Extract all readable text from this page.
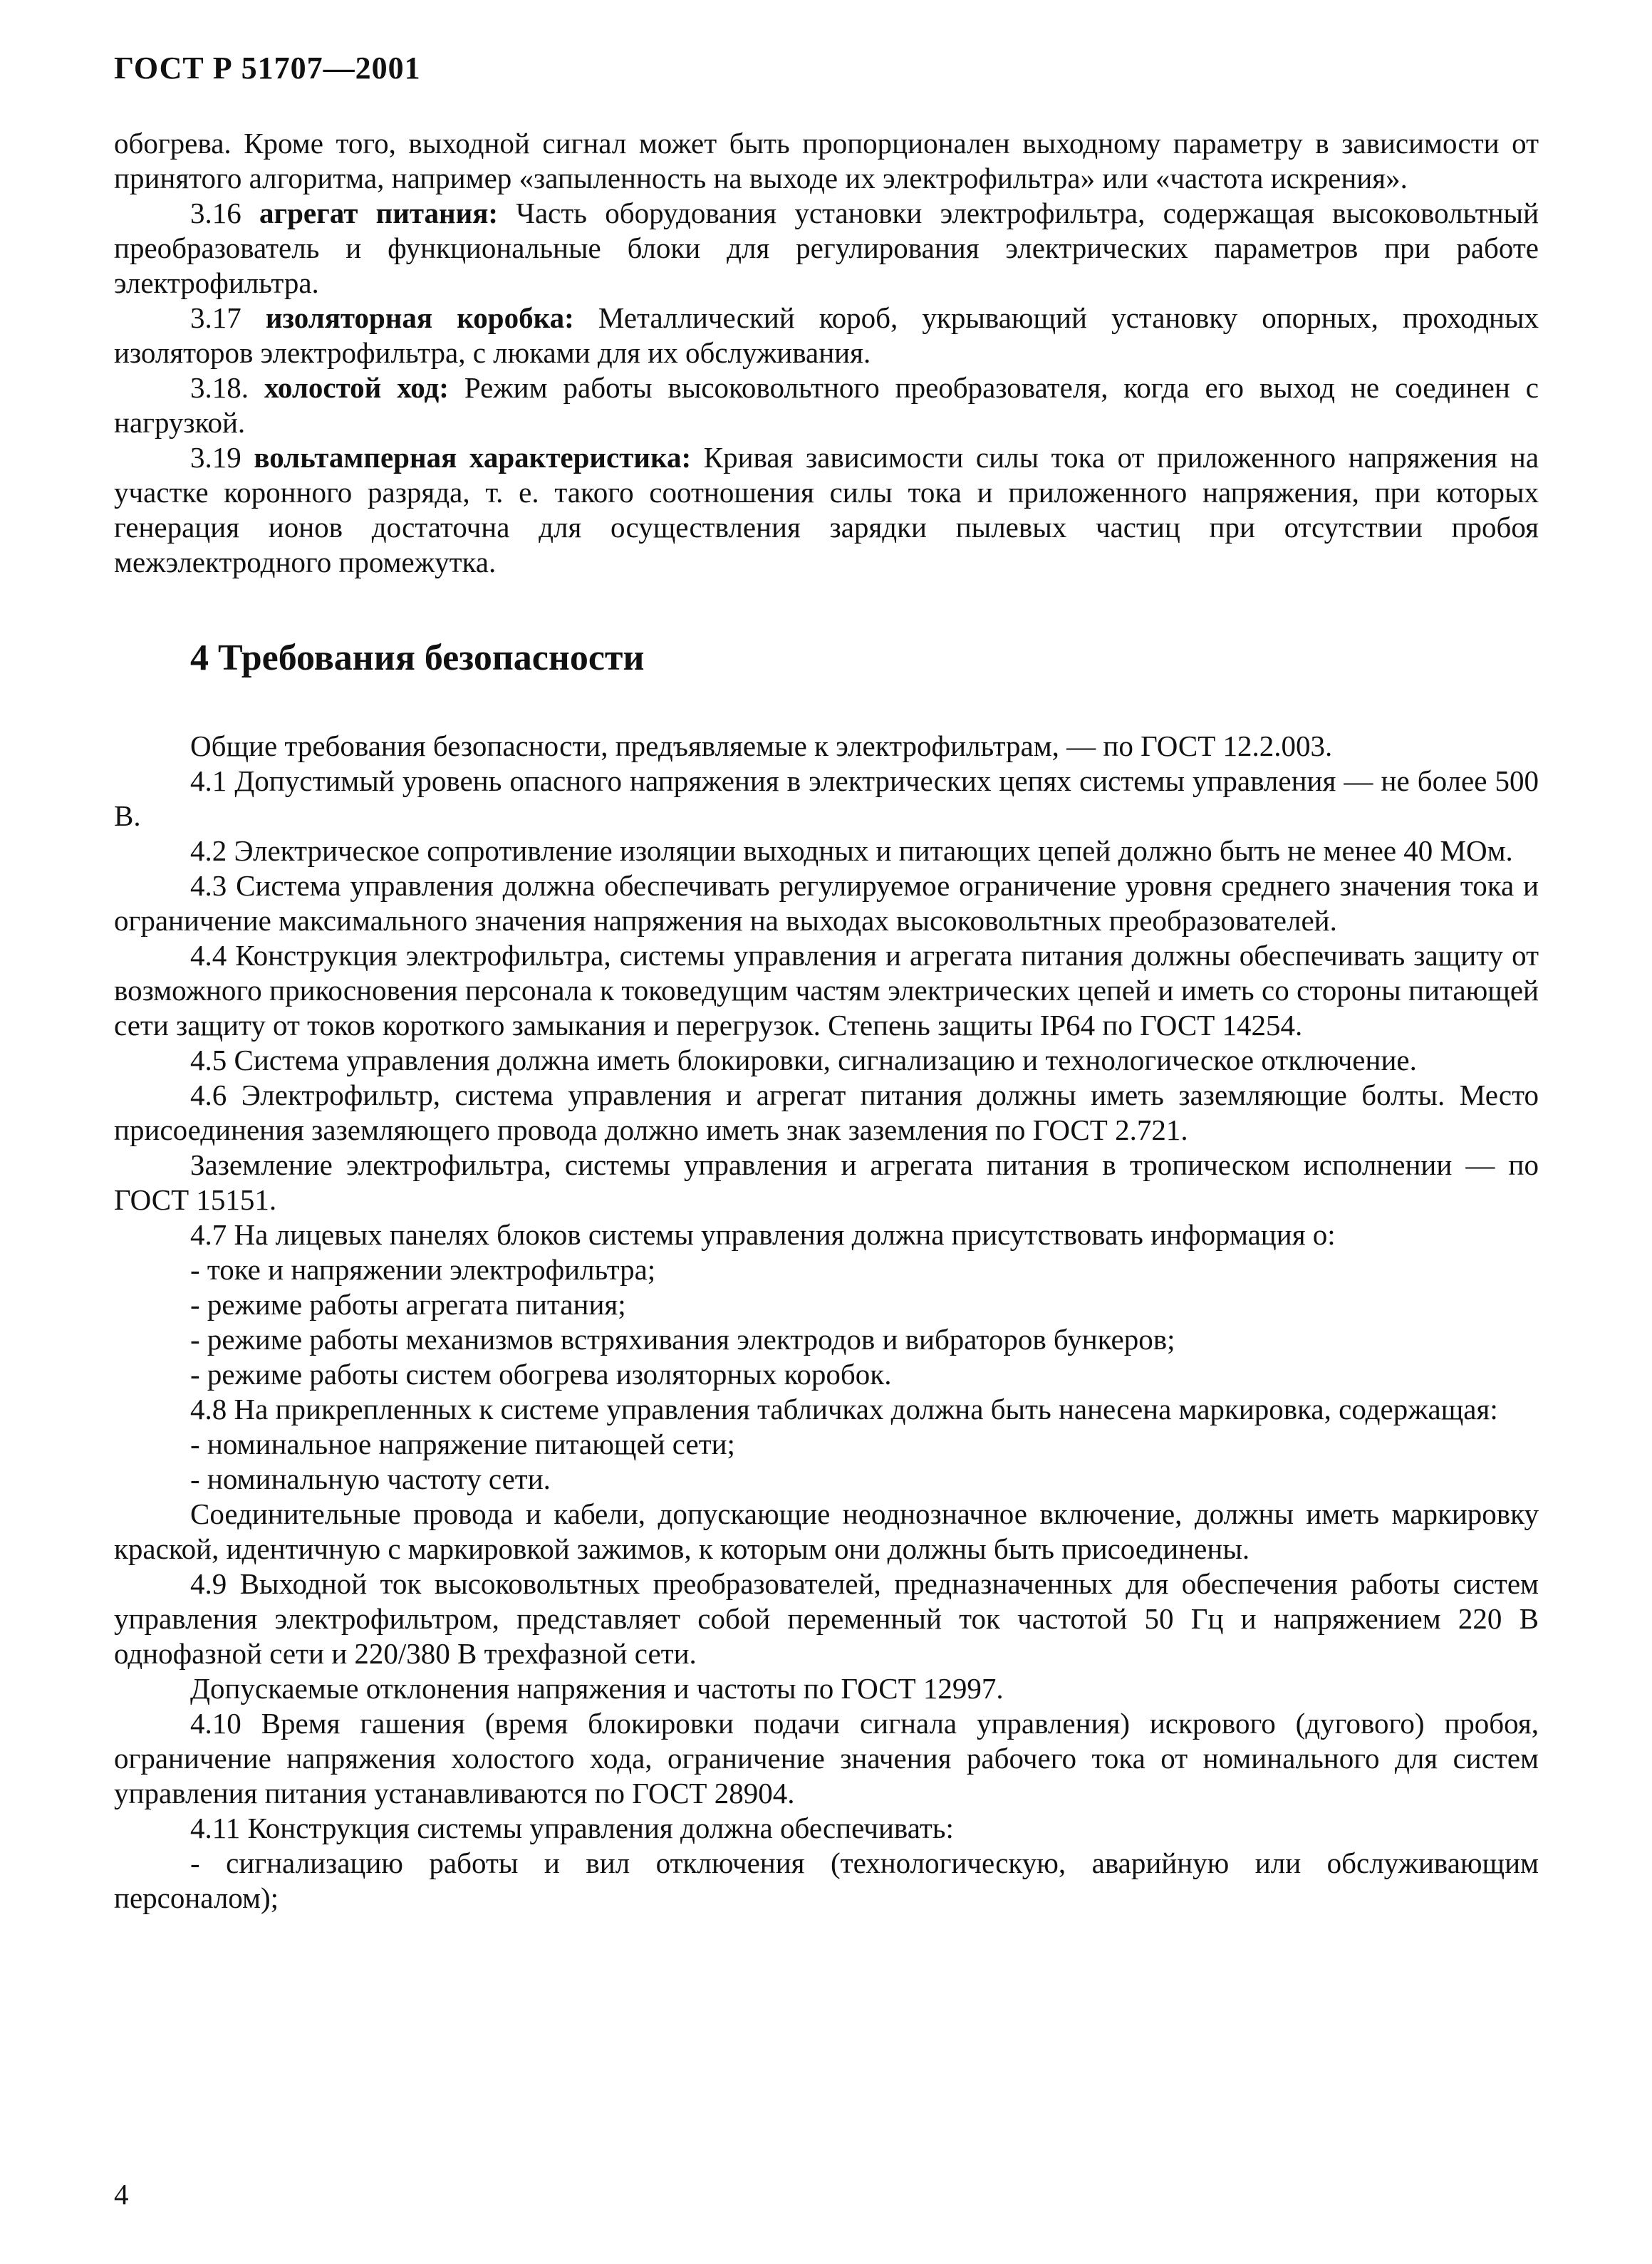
ГОСТ Р 51707—2001

обогрева. Кроме того, выходной сигнал может быть пропорционален выходному параметру в зависимости от принятого алгоритма, например «запыленность на выходе их электрофильтра» или «частота искрения».

3.16 агрегат питания: Часть оборудования установки электрофильтра, содержащая высоковольтный преобразователь и функциональные блоки для регулирования электрических параметров при работе электрофильтра.

3.17 изоляторная коробка: Металлический короб, укрывающий установку опорных, проходных изоляторов электрофильтра, с люками для их обслуживания.

3.18. холостой ход: Режим работы высоковольтного преобразователя, когда его выход не соединен с нагрузкой.

3.19 вольтамперная характеристика: Кривая зависимости силы тока от приложенного напряжения на участке коронного разряда, т. е. такого соотношения силы тока и приложенного напряжения, при которых генерация ионов достаточна для осуществления зарядки пылевых частиц при отсутствии пробоя межэлектродного промежутка.

4 Требования безопасности

Общие требования безопасности, предъявляемые к электрофильтрам, — по ГОСТ 12.2.003.

4.1 Допустимый уровень опасного напряжения в электрических цепях системы управления — не более 500 В.

4.2 Электрическое сопротивление изоляции выходных и питающих цепей должно быть не менее 40 МОм.

4.3 Система управления должна обеспечивать регулируемое ограничение уровня среднего значения тока и ограничение максимального значения напряжения на выходах высоковольтных преобразователей.

4.4 Конструкция электрофильтра, системы управления и агрегата питания должны обеспечивать защиту от возможного прикосновения персонала к токоведущим частям электрических цепей и иметь со стороны питающей сети защиту от токов короткого замыкания и перегрузок. Степень защиты IP64 по ГОСТ 14254.

4.5 Система управления должна иметь блокировки, сигнализацию и технологическое отключение.

4.6 Электрофильтр, система управления и агрегат питания должны иметь заземляющие болты. Место присоединения заземляющего провода должно иметь знак заземления по ГОСТ 2.721.

Заземление электрофильтра, системы управления и агрегата питания в тропическом исполнении — по ГОСТ 15151.

4.7 На лицевых панелях блоков системы управления должна присутствовать информация о:

- токе и напряжении электрофильтра;

- режиме работы агрегата питания;

- режиме работы механизмов встряхивания электродов и вибраторов бункеров;

- режиме работы систем обогрева изоляторных коробок.

4.8 На прикрепленных к системе управления табличках должна быть нанесена маркировка, содержащая:

- номинальное напряжение питающей сети;

- номинальную частоту сети.

Соединительные провода и кабели, допускающие неоднозначное включение, должны иметь маркировку краской, идентичную с маркировкой зажимов, к которым они должны быть присоединены.

4.9 Выходной ток высоковольтных преобразователей, предназначенных для обеспечения работы систем управления электрофильтром, представляет собой переменный ток частотой 50 Гц и напряжением 220 В однофазной сети и 220/380 В трехфазной сети.

Допускаемые отклонения напряжения и частоты по ГОСТ 12997.

4.10 Время гашения (время блокировки подачи сигнала управления) искрового (дугового) пробоя, ограничение напряжения холостого хода, ограничение значения рабочего тока от номинального для систем управления питания устанавливаются по ГОСТ 28904.

4.11 Конструкция системы управления должна обеспечивать:

- сигнализацию работы и вил отключения (технологическую, аварийную или обслуживающим персоналом);

4
